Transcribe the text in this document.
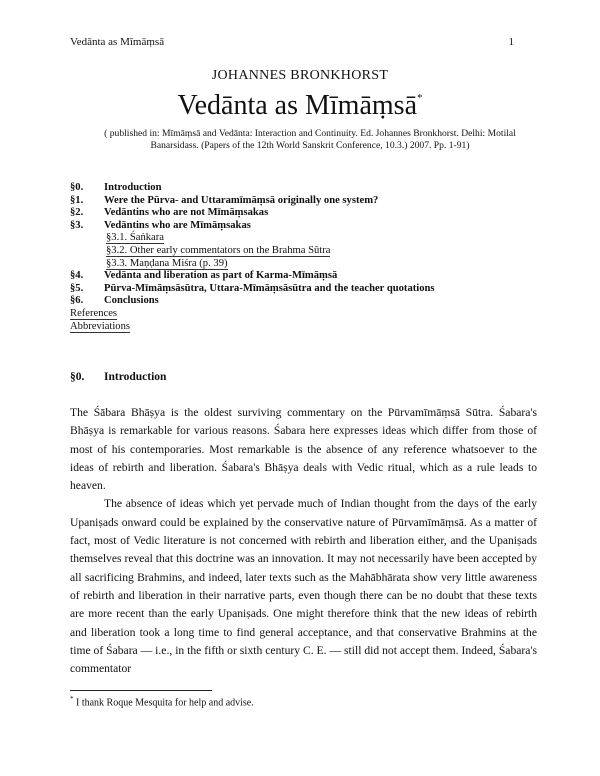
Vedānta as Mīmāṃsā	1
JOHANNES BRONKHORST
Vedānta as Mīmāṃsā*
( published in: Mīmāṃsā and Vedānta: Interaction and Continuity. Ed. Johannes Bronkhorst. Delhi: Motilal Banarsidass. (Papers of the 12th World Sanskrit Conference, 10.3.) 2007. Pp. 1-91)
§0. Introduction
§1. Were the Pūrva- and Uttaramīmāṃsā originally one system?
§2. Vedāntins who are not Mīmāṃsakas
§3. Vedāntins who are Mīmāṃsakas
§3.1. Śaṅkara
§3.2. Other early commentators on the Brahma Sūtra
§3.3. Maṇḍana Miśra (p. 39)
§4. Vedānta and liberation as part of Karma-Mīmāṃsā
§5. Pūrva-Mīmāṃsāsūtra, Uttara-Mīmāṃsāsūtra and the teacher quotations
§6. Conclusions
References
Abbreviations
§0. Introduction

The Śābara Bhāṣya is the oldest surviving commentary on the Pūrvamīmāṃsā Sūtra. Śabara's Bhāṣya is remarkable for various reasons. Śabara here expresses ideas which differ from those of most of his contemporaries. Most remarkable is the absence of any reference whatsoever to the ideas of rebirth and liberation. Śabara's Bhāṣya deals with Vedic ritual, which as a rule leads to heaven.

The absence of ideas which yet pervade much of Indian thought from the days of the early Upaniṣads onward could be explained by the conservative nature of Pūrvamīmāṃsā. As a matter of fact, most of Vedic literature is not concerned with rebirth and liberation either, and the Upaniṣads themselves reveal that this doctrine was an innovation. It may not necessarily have been accepted by all sacrificing Brahmins, and indeed, later texts such as the Mahābhārata show very little awareness of rebirth and liberation in their narrative parts, even though there can be no doubt that these texts are more recent than the early Upaniṣads. One might therefore think that the new ideas of rebirth and liberation took a long time to find general acceptance, and that conservative Brahmins at the time of Śabara — i.e., in the fifth or sixth century C. E. — still did not accept them. Indeed, Śabara's commentator

* I thank Roque Mesquita for help and advise.
